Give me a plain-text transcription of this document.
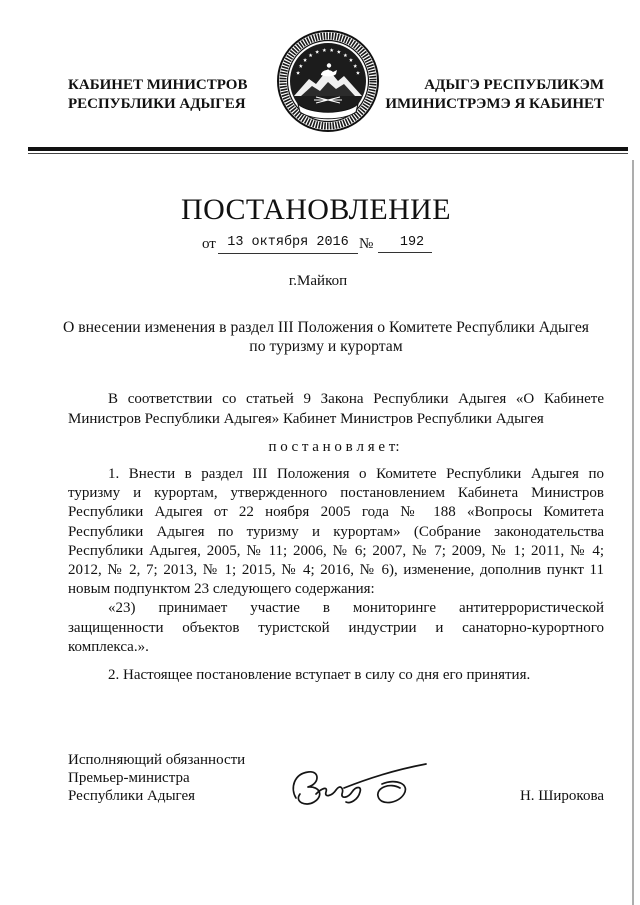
КАБИНЕТ МИНИСТРОВ
РЕСПУБЛИКИ АДЫГЕЯ
АДЫГЭ РЕСПУБЛИКЭМ
ИМИНИСТРЭМЭ Я КАБИНЕТ
ПОСТАНОВЛЕНИЕ
от 13 октября 2016 №	192
г.Майкоп
О внесении изменения в раздел III Положения о Комитете Республики Адыгея
по туризму и курортам
В соответствии со статьей 9 Закона Республики Адыгея «О Кабинете
Министров Республики Адыгея» Кабинет Министров Республики Адыгея
п о с т а н о в л я е т:
1. Внести в раздел III Положения о Комитете Республики Адыгея по
туризму и курортам, утвержденного постановлением Кабинета Министров
Республики Адыгея от 22 ноября 2005 года № 188 «Вопросы Комитета
Республики Адыгея по туризму и курортам» (Собрание законодательства
Республики Адыгея, 2005, № 11; 2006, № 6; 2007, № 7; 2009, № 1; 2011, № 4;
2012, № 2, 7; 2013, № 1; 2015, № 4; 2016, № 6), изменение, дополнив пункт 11
новым подпунктом 23 следующего содержания:
«23) принимает участие в мониторинге антитеррористической
защищенности объектов туристской индустрии и санаторно-курортного
комплекса.».
2. Настоящее постановление вступает в силу со дня его принятия.
Исполняющий обязанности
Премьер-министра
Республики Адыгея	Н. Широкова
